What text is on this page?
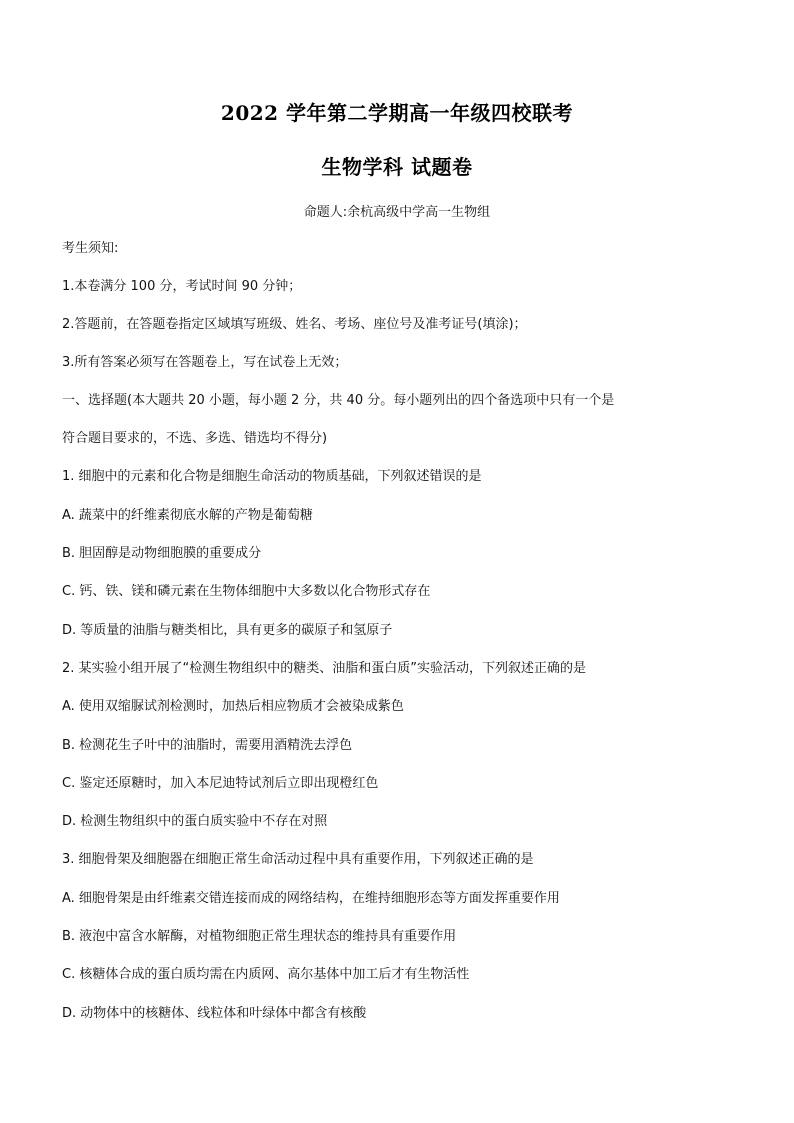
2022 学年第二学期高一年级四校联考
生物学科 试题卷
命题人:余杭高级中学高一生物组
考生须知:
1.本卷满分 100 分，考试时间 90 分钟；
2.答题前，在答题卷指定区域填写班级、姓名、考场、座位号及准考证号(填涂)；
3.所有答案必须写在答题卷上，写在试卷上无效；
一、选择题(本大题共 20 小题，每小题 2 分，共 40 分。每小题列出的四个备选项中只有一个是
符合题目要求的，不选、多选、错选均不得分)
1. 细胞中的元素和化合物是细胞生命活动的物质基础，下列叙述错误的是
A. 蔬菜中的纤维素彻底水解的产物是葡萄糖
B. 胆固醇是动物细胞膜的重要成分
C. 钙、铁、镁和磷元素在生物体细胞中大多数以化合物形式存在
D. 等质量的油脂与糖类相比，具有更多的碳原子和氢原子
2. 某实验小组开展了“检测生物组织中的糖类、油脂和蛋白质”实验活动，下列叙述正确的是
A. 使用双缩脲试剂检测时，加热后相应物质才会被染成紫色
B. 检测花生子叶中的油脂时，需要用酒精洗去浮色
C. 鉴定还原糖时，加入本尼迪特试剂后立即出现橙红色
D. 检测生物组织中的蛋白质实验中不存在对照
3. 细胞骨架及细胞器在细胞正常生命活动过程中具有重要作用，下列叙述正确的是
A. 细胞骨架是由纤维素交错连接而成的网络结构，在维持细胞形态等方面发挥重要作用
B. 液泡中富含水解酶，对植物细胞正常生理状态的维持具有重要作用
C. 核糖体合成的蛋白质均需在内质网、高尔基体中加工后才有生物活性
D. 动物体中的核糖体、线粒体和叶绿体中都含有核酸
